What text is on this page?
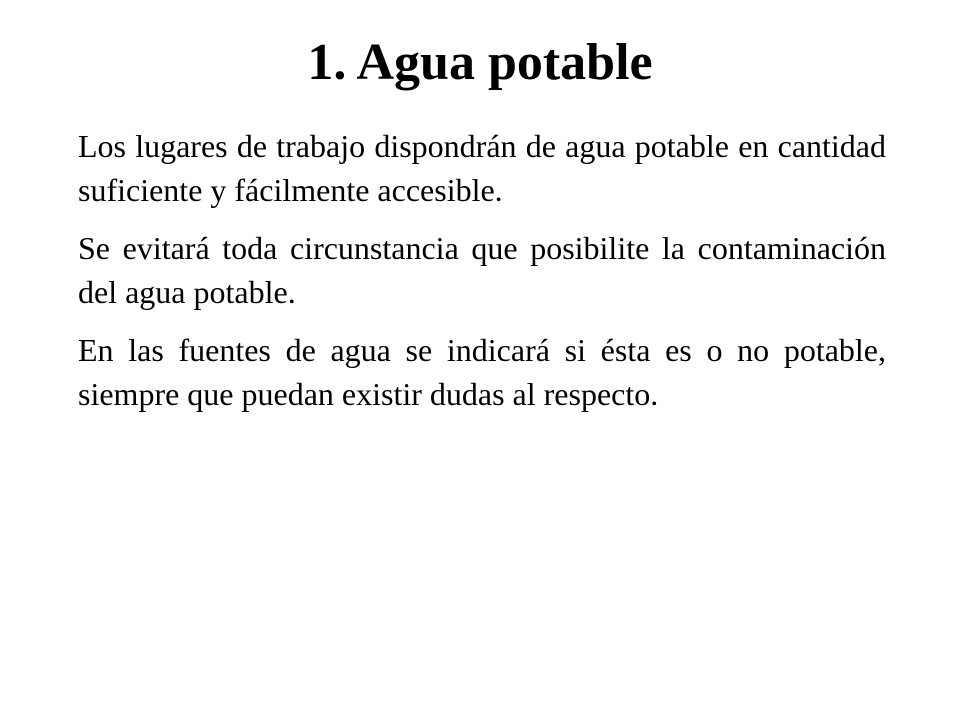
1. Agua potable

Los lugares de trabajo dispondrán de agua potable en cantidad suficiente y fácilmente accesible.

Se evitará toda circunstancia que posibilite la contaminación del agua potable.

En las fuentes de agua se indicará si ésta es o no potable, siempre que puedan existir dudas al respecto.
